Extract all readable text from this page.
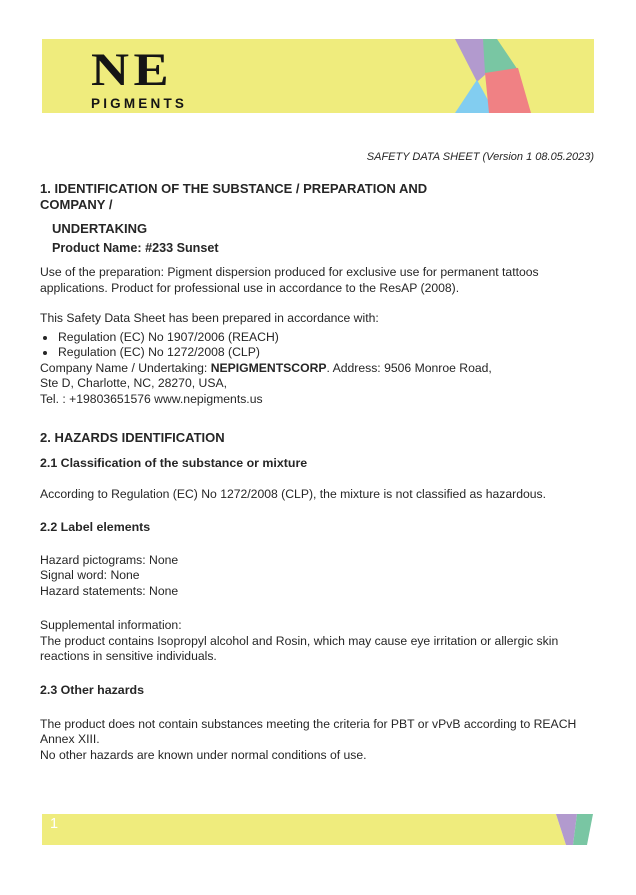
NE
PIGMENTS

SAFETY DATA SHEET (Version 1 08.05.2023)

1. IDENTIFICATION OF THE SUBSTANCE / PREPARATION AND
COMPANY /
UNDERTAKING
Product Name: #233 Sunset

Use of the preparation: Pigment dispersion produced for exclusive use for permanent tattoos applications. Product for professional use in accordance to the ResAP (2008).

This Safety Data Sheet has been prepared in accordance with:

• Regulation (EC) No 1907/2006 (REACH)
• Regulation (EC) No 1272/2008 (CLP)
Company Name / Undertaking: NEPIGMENTSCORP. Address: 9506 Monroe Road,
Ste D, Charlotte, NC, 28270, USA,
Tel. : +19803651576 www.nepigments.us
2. HAZARDS IDENTIFICATION
2.1 Classification of the substance or mixture

According to Regulation (EC) No 1272/2008 (CLP), the mixture is not classified as hazardous.

2.2 Label elements
Hazard pictograms: None
Signal word: None
Hazard statements: None
Supplemental information:
The product contains Isopropyl alcohol and Rosin, which may cause eye irritation or allergic skin reactions in sensitive individuals.
2.3 Other hazards
The product does not contain substances meeting the criteria for PBT or vPvB according to REACH Annex XIII.
No other hazards are known under normal conditions of use.
1
